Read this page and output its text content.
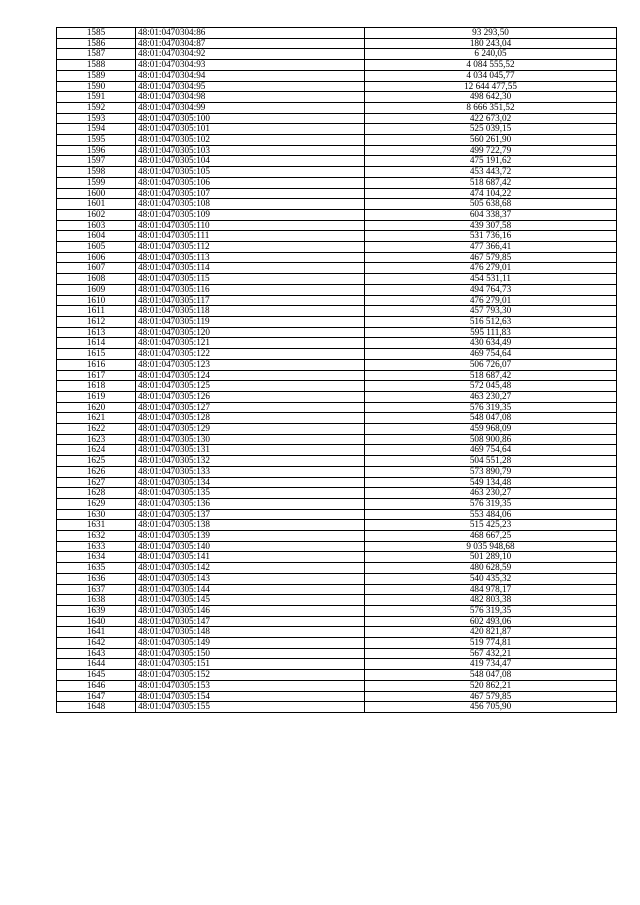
1585	48:01:0470304:86	93 293,50
1586	48:01:0470304:87	180 243,04
1587	48:01:0470304:92	6 240,05
1588	48:01:0470304:93	4 084 555,52
1589	48:01:0470304:94	4 034 045,77
1590	48:01:0470304:95	12 644 477,55
1591	48:01:0470304:98	498 642,30
1592	48:01:0470304:99	8 666 351,52
1593	48:01:0470305:100	422 673,02
1594	48:01:0470305:101	525 039,15
1595	48:01:0470305:102	560 261,90
1596	48:01:0470305:103	499 722,79
1597	48:01:0470305:104	475 191,62
1598	48:01:0470305:105	453 443,72
1599	48:01:0470305:106	518 687,42
1600	48:01:0470305:107	474 104,22
1601	48:01:0470305:108	505 638,68
1602	48:01:0470305:109	604 338,37
1603	48:01:0470305:110	439 307,58
1604	48:01:0470305:111	531 736,16
1605	48:01:0470305:112	477 366,41
1606	48:01:0470305:113	467 579,85
1607	48:01:0470305:114	476 279,01
1608	48:01:0470305:115	454 531,11
1609	48:01:0470305:116	494 764,73
1610	48:01:0470305:117	476 279,01
1611	48:01:0470305:118	457 793,30
1612	48:01:0470305:119	516 512,63
1613	48:01:0470305:120	595 111,83
1614	48:01:0470305:121	430 634,49
1615	48:01:0470305:122	469 754,64
1616	48:01:0470305:123	506 726,07
1617	48:01:0470305:124	518 687,42
1618	48:01:0470305:125	572 045,48
1619	48:01:0470305:126	463 230,27
1620	48:01:0470305:127	576 319,35
1621	48:01:0470305:128	548 047,08
1622	48:01:0470305:129	459 968,09
1623	48:01:0470305:130	508 900,86
1624	48:01:0470305:131	469 754,64
1625	48:01:0470305:132	504 551,28
1626	48:01:0470305:133	573 890,79
1627	48:01:0470305:134	549 134,48
1628	48:01:0470305:135	463 230,27
1629	48:01:0470305:136	576 319,35
1630	48:01:0470305:137	553 484,06
1631	48:01:0470305:138	515 425,23
1632	48:01:0470305:139	468 667,25
1633	48:01:0470305:140	9 035 948,68
1634	48:01:0470305:141	501 289,10
1635	48:01:0470305:142	480 628,59
1636	48:01:0470305:143	540 435,32
1637	48:01:0470305:144	484 978,17
1638	48:01:0470305:145	482 803,38
1639	48:01:0470305:146	576 319,35
1640	48:01:0470305:147	602 493,06
1641	48:01:0470305:148	420 821,87
1642	48:01:0470305:149	519 774,81
1643	48:01:0470305:150	567 432,21
1644	48:01:0470305:151	419 734,47
1645	48:01:0470305:152	548 047,08
1646	48:01:0470305:153	520 862,21
1647	48:01:0470305:154	467 579,85
1648	48:01:0470305:155	456 705,90
